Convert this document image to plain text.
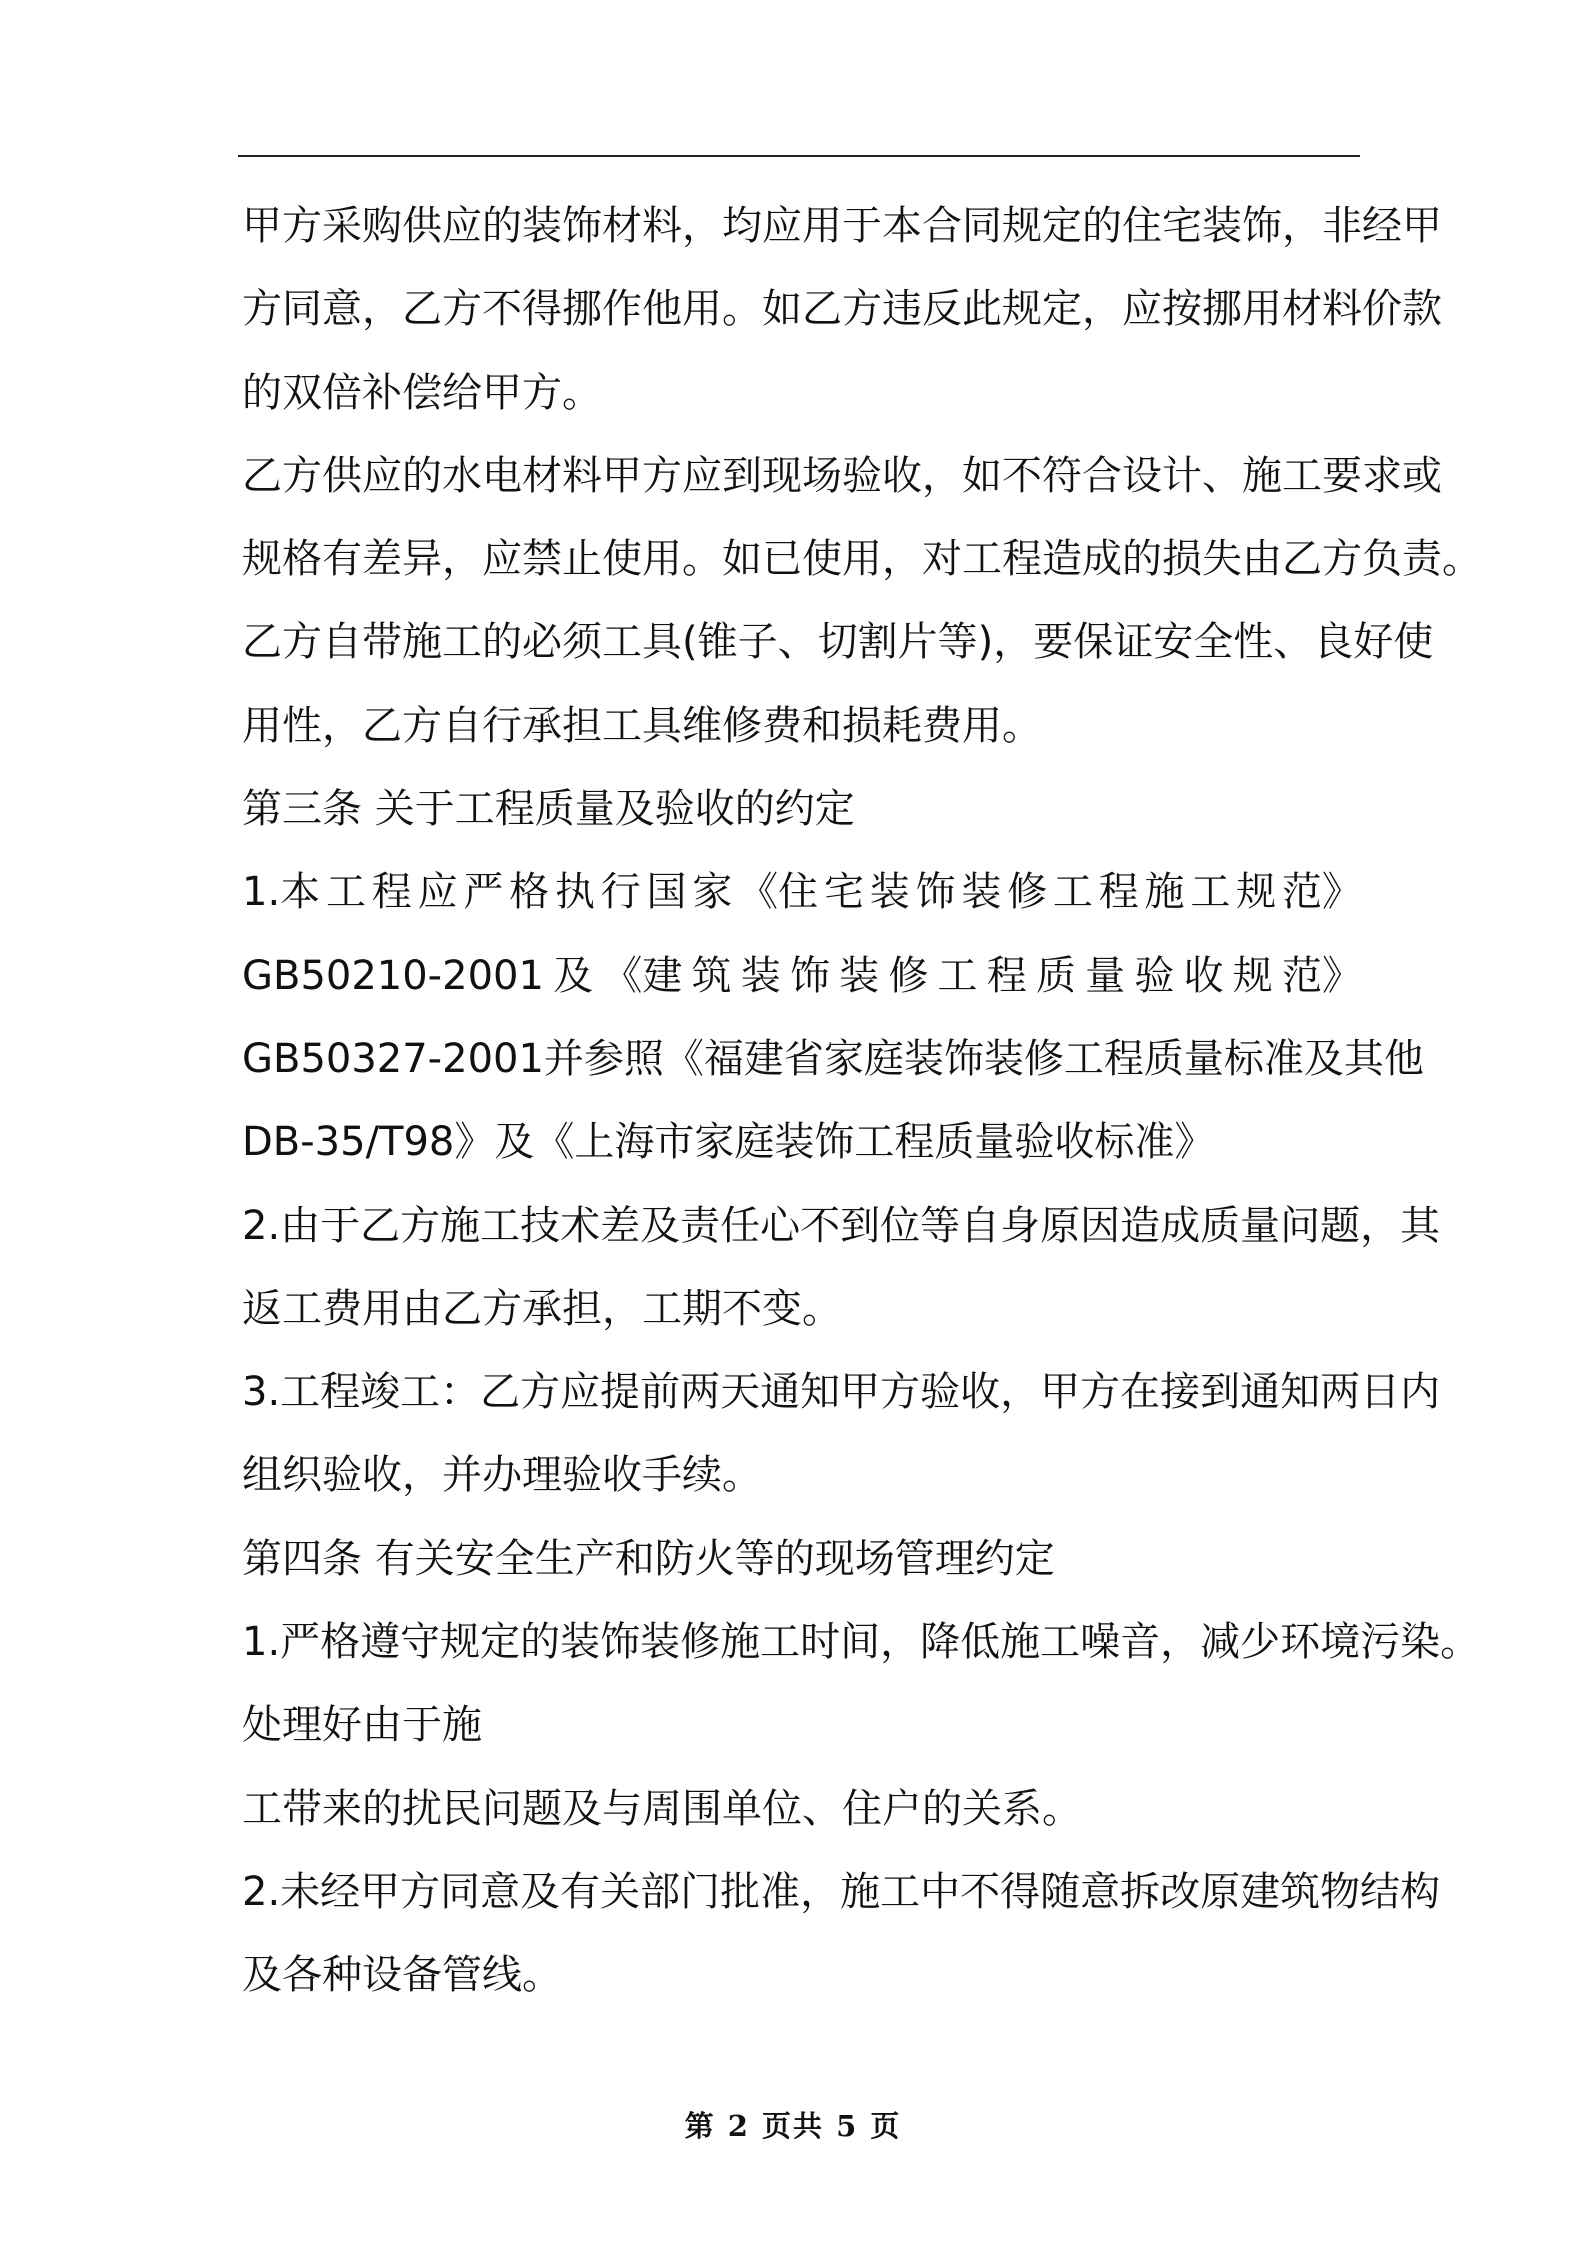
甲方采购供应的装饰材料，均应用于本合同规定的住宅装饰，非经甲
方同意，乙方不得挪作他用。如乙方违反此规定，应按挪用材料价款
的双倍补偿给甲方。
乙方供应的水电材料甲方应到现场验收，如不符合设计、施工要求或
规格有差异，应禁止使用。如已使用，对工程造成的损失由乙方负责。
乙方自带施工的必须工具(锥子、切割片等)，要保证安全性、良好使
用性，乙方自行承担工具维修费和损耗费用。
第三条 关于工程质量及验收的约定
1.本 工 程 应 严 格 执 行 国 家 《住 宅 装 饰 装 修 工 程 施 工 规 范》
GB50210-2001 及 《建 筑 装 饰 装 修 工 程 质 量 验 收 规 范》
GB50327-2001并参照《福建省家庭装饰装修工程质量标准及其他
DB-35/T98》及《上海市家庭装饰工程质量验收标准》
2.由于乙方施工技术差及责任心不到位等自身原因造成质量问题，其
返工费用由乙方承担，工期不变。
3.工程竣工：乙方应提前两天通知甲方验收，甲方在接到通知两日内
组织验收，并办理验收手续。
第四条 有关安全生产和防火等的现场管理约定
1.严格遵守规定的装饰装修施工时间，降低施工噪音，减少环境污染。
处理好由于施
工带来的扰民问题及与周围单位、住户的关系。
2.未经甲方同意及有关部门批准，施工中不得随意拆改原建筑物结构
及各种设备管线。
第 2 页共 5 页
